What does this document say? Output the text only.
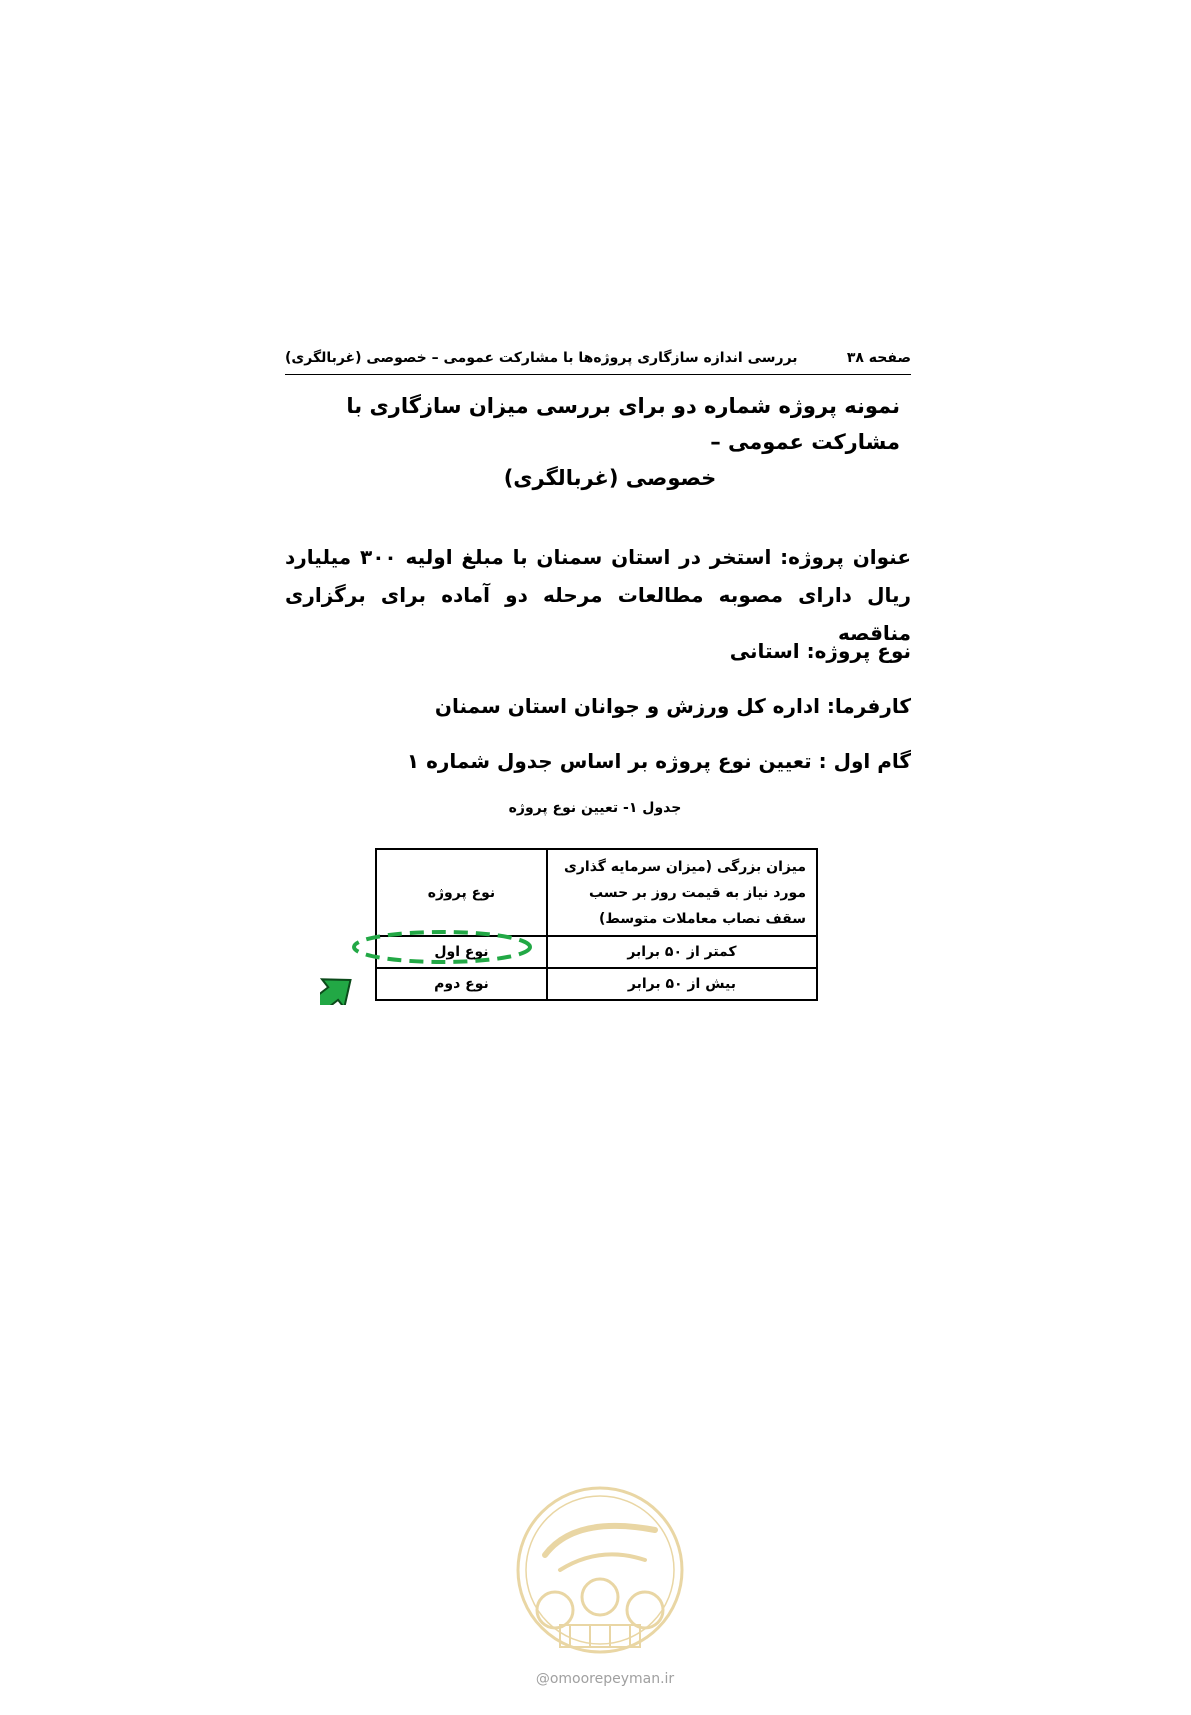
صفحه ۳۸
بررسی اندازه سازگاری پروژه‌ها با مشارکت عمومی – خصوصی (غربالگری)
نمونه پروژه شماره دو برای بررسی میزان سازگاری با مشارکت عمومی –
خصوصی (غربالگری)
عنوان پروژه: استخر در استان سمنان با مبلغ اولیه ۳۰۰ میلیارد ریال دارای مصوبه مطالعات مرحله دو آماده برای برگزاری مناقصه
نوع پروژه: استانی
کارفرما: اداره کل ورزش و جوانان استان سمنان
گام اول : تعیین نوع پروژه بر اساس جدول شماره ۱
جدول ۱- تعیین نوع پروژه
میزان بزرگی (میزان سرمایه گذاری مورد نیاز به قیمت روز بر حسب سقف نصاب معاملات متوسط)	نوع پروژه
کمتر از ۵۰ برابر	نوع اول
بیش از ۵۰ برابر	نوع دوم
@omoorepeyman.ir
